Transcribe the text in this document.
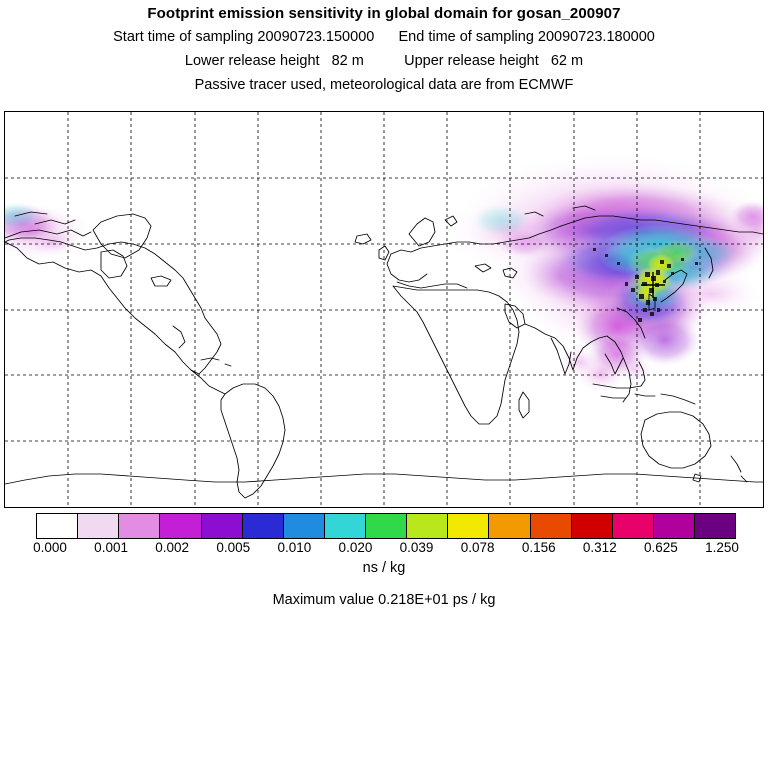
Footprint emission sensitivity in global domain for gosan_200907
Start time of sampling 20090723.150000      End time of sampling 20090723.180000
Lower release height   82 m          Upper release height   62 m
Passive tracer used, meteorological data are from ECMWF
0.000 0.001 0.002 0.005 0.010 0.020 0.039 0.078 0.156 0.312 0.625 1.250
ns / kg
Maximum value 0.218E+01 ps / kg
